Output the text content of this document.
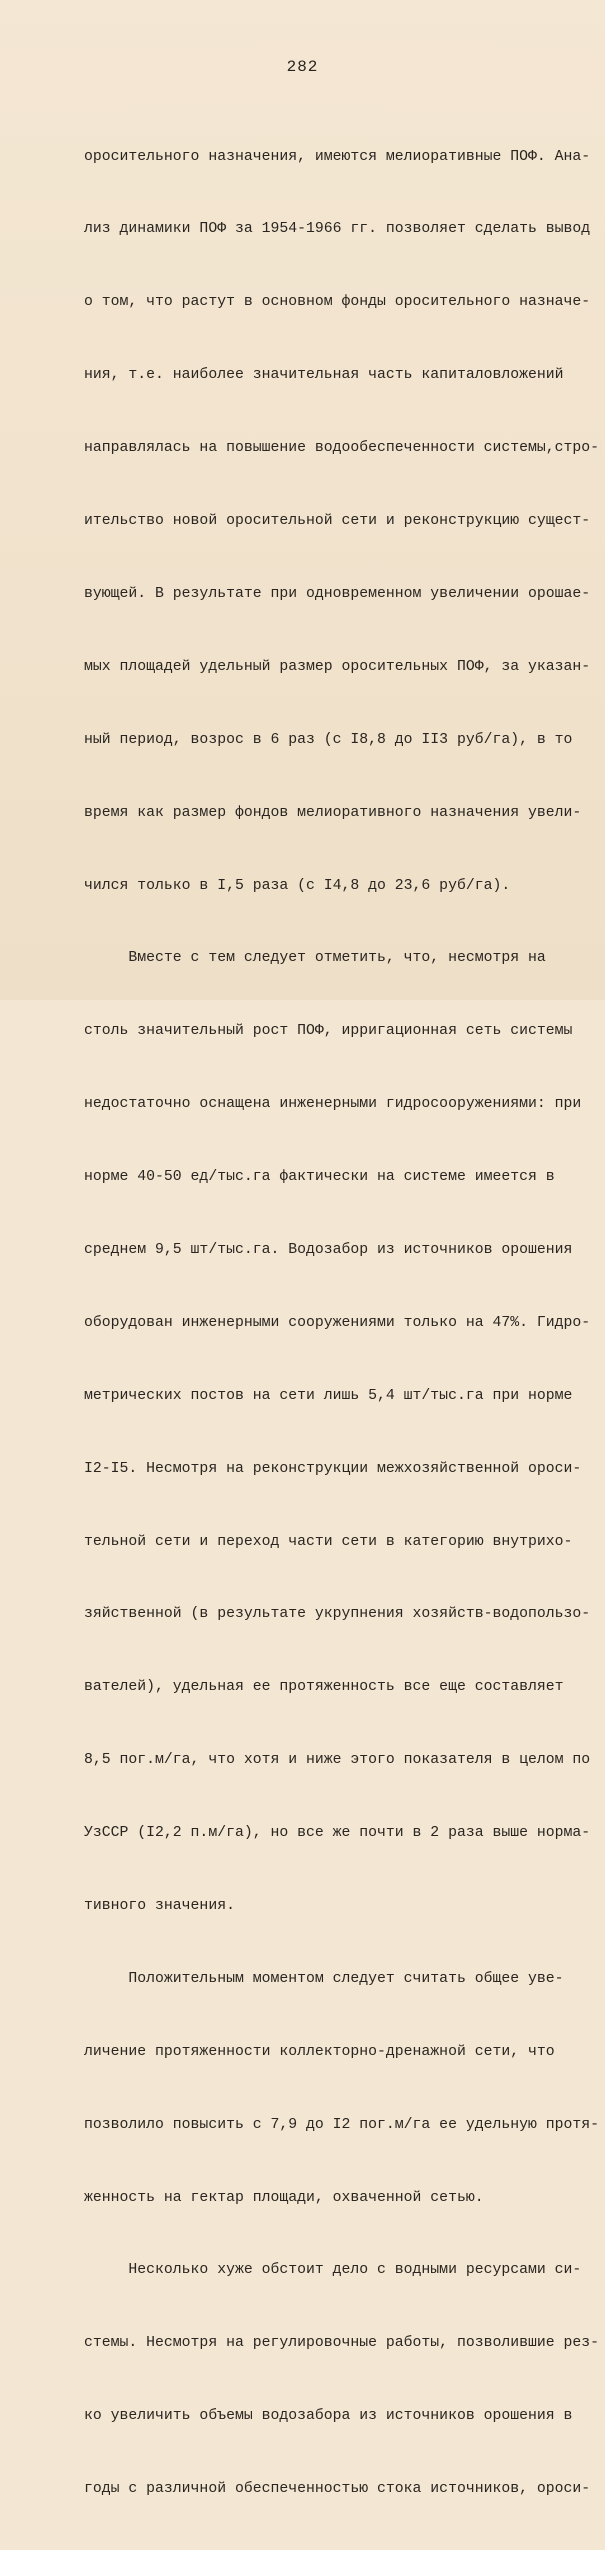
282

оросительного назначения, имеются мелиоративные ПОФ. Ана-

лиз динамики ПОФ за 1954-1966 гг. позволяет сделать вывод

о том, что растут в основном фонды оросительного назначе-

ния, т.е. наиболее значительная часть капиталовложений

направлялась на повышение водообеспеченности системы,стро-

ительство новой оросительной сети и реконструкцию сущест-

вующей. В результате при одновременном увеличении орошае-

мых площадей удельный размер оросительных ПОФ, за указан-

ный период, возрос в 6 раз (с I8,8 до II3 руб/га), в то

время как размер фондов мелиоративного назначения увели-

чился только в I,5 раза (с I4,8 до 23,6 руб/га).

Вместе с тем следует отметить, что, несмотря на

столь значительный рост ПОФ, ирригационная сеть системы

недостаточно оснащена инженерными гидросооружениями: при

норме 40-50 ед/тыс.га фактически на системе имеется в

среднем 9,5 шт/тыс.га. Водозабор из источников орошения

оборудован инженерными сооружениями только на 47%. Гидро-

метрических постов на сети лишь 5,4 шт/тыс.га при норме

I2-I5. Несмотря на реконструкции межхозяйственной ороси-

тельной сети и переход части сети в категорию внутрихо-

зяйственной (в результате укрупнения хозяйств-водопользо-

вателей), удельная ее протяженность все еще составляет

8,5 пог.м/га, что хотя и ниже этого показателя в целом по

УзССР (I2,2 п.м/га), но все же почти в 2 раза выше норма-

тивного значения.

Положительным моментом следует считать общее уве-

личение протяженности коллекторно-дренажной сети, что

позволило повысить с 7,9 до I2 пог.м/га ее удельную протя-

женность на гектар площади, охваченной сетью.

Несколько хуже обстоит дело с водными ресурсами си-

стемы. Несмотря на регулировочные работы, позволившие рез-

ко увеличить объемы водозабора из источников орошения в

годы с различной обеспеченностью стока источников, ороси-
